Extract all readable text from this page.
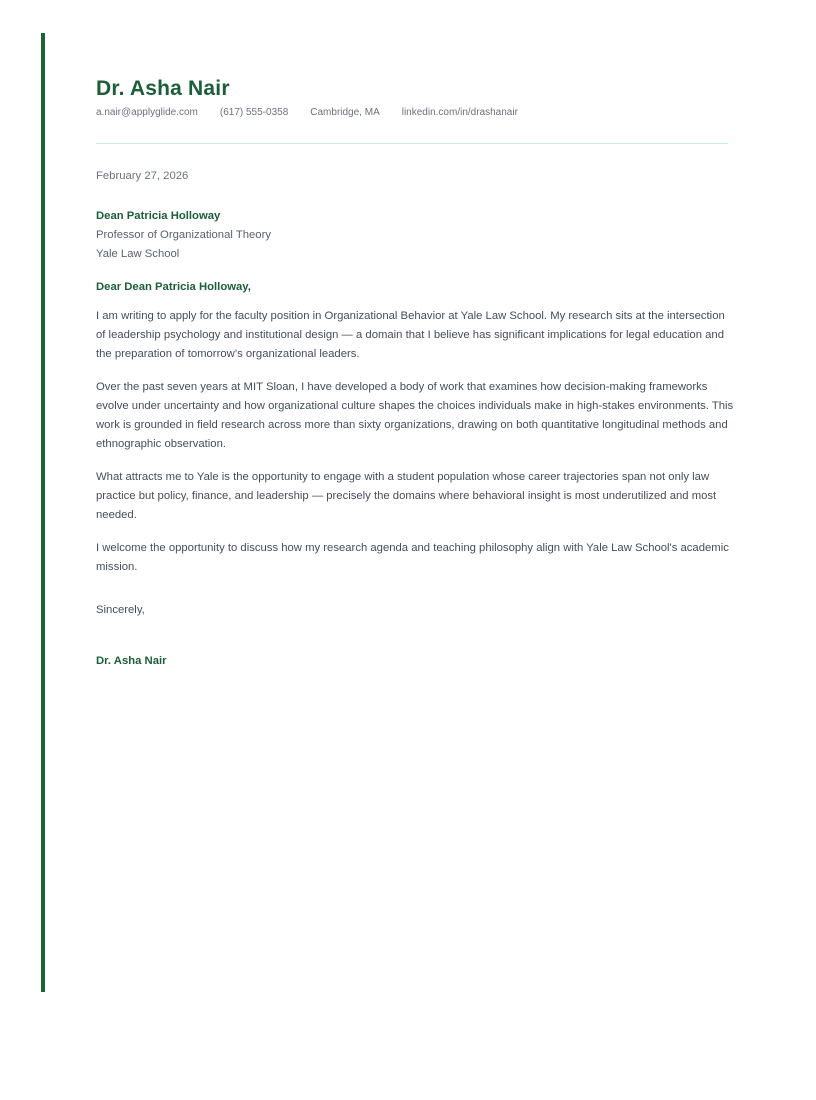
Dr. Asha Nair
a.nair@applyglide.com (617) 555-0358 Cambridge, MA linkedin.com/in/drashanair
February 27, 2026
Dean Patricia Holloway
Professor of Organizational Theory
Yale Law School
Dear Dean Patricia Holloway,

I am writing to apply for the faculty position in Organizational Behavior at Yale Law School. My research sits at the intersection of leadership psychology and institutional design — a domain that I believe has significant implications for legal education and the preparation of tomorrow’s organizational leaders.

Over the past seven years at MIT Sloan, I have developed a body of work that examines how decision-making frameworks evolve under uncertainty and how organizational culture shapes the choices individuals make in high-stakes environments. This work is grounded in field research across more than sixty organizations, drawing on both quantitative longitudinal methods and ethnographic observation.

What attracts me to Yale is the opportunity to engage with a student population whose career trajectories span not only law practice but policy, finance, and leadership — precisely the domains where behavioral insight is most underutilized and most needed.

I welcome the opportunity to discuss how my research agenda and teaching philosophy align with Yale Law School's academic mission.

Sincerely,
Dr. Asha Nair
